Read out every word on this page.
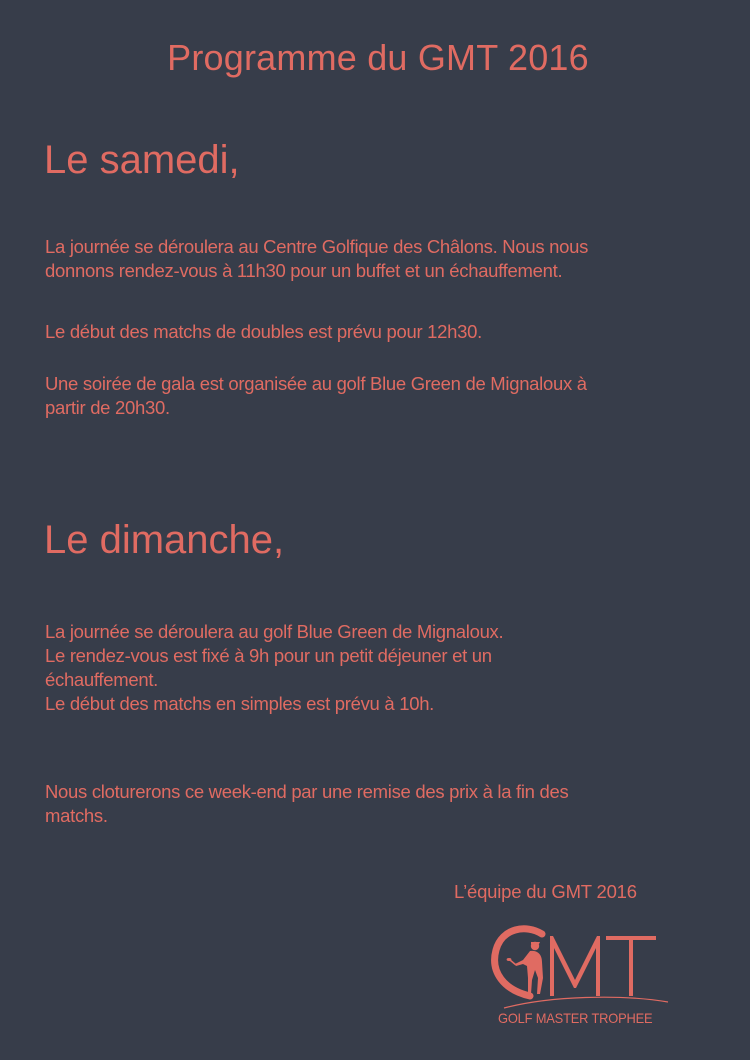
Programme du GMT 2016
Le samedi,

La journée se déroulera au Centre Golfique des Châlons. Nous nous
donnons rendez-vous à 11h30 pour un buffet et un échauffement.

Le début des matchs de doubles est prévu pour 12h30.

Une soirée de gala est organisée au golf Blue Green de Mignaloux à
partir de 20h30.

Le dimanche,

La journée se déroulera au golf Blue Green de Mignaloux.
Le rendez-vous est fixé à 9h pour un petit déjeuner et un
échauffement.
Le début des matchs en simples est prévu à 10h.

Nous cloturerons ce week-end par une remise des prix à la fin des
matchs.

L’équipe du GMT 2016
GOLF MASTER TROPHEE
